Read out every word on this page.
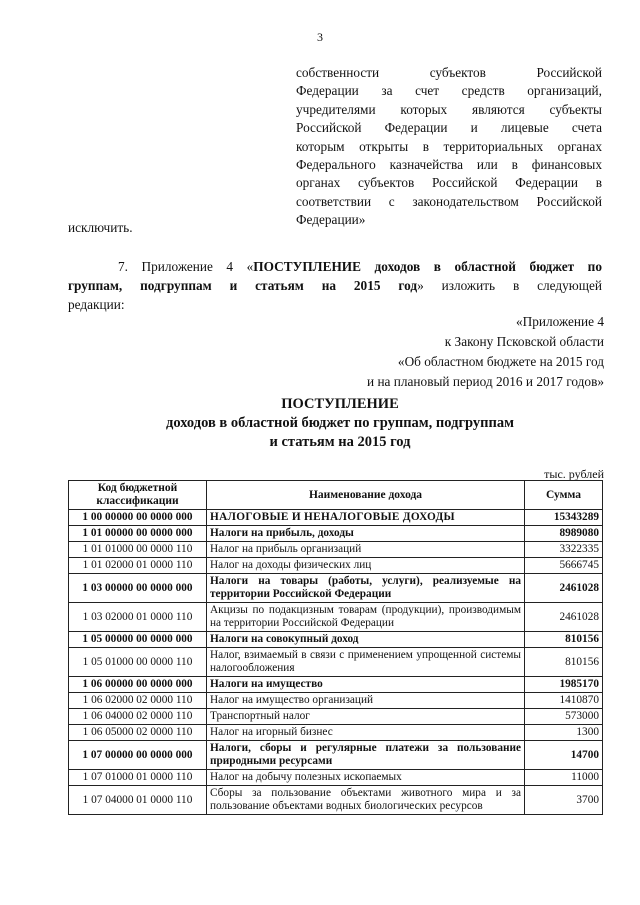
3
собственности субъектов Российской
Федерации за счет средств организаций,
учредителями которых являются субъекты
Российской Федерации и лицевые счета
которым открыты в территориальных органах
Федерального казначейства или в финансовых
органах субъектов Российской Федерации в
соответствии с законодательством Российской
Федерации»
исключить.
7. Приложение 4 «ПОСТУПЛЕНИЕ доходов в областной бюджет по
группам, подгруппам и статьям на 2015 год» изложить в следующей
редакции:
«Приложение 4
к Закону Псковской области
«Об областном бюджете на 2015 год
и на плановый период 2016 и 2017 годов»
ПОСТУПЛЕНИЕ
доходов в областной бюджет по группам, подгруппам
и статьям на 2015 год
тыс. рублей
Код бюджетной классификации	Наименование дохода	Сумма
1 00 00000 00 0000 000	НАЛОГОВЫЕ И НЕНАЛОГОВЫЕ ДОХОДЫ	15343289
1 01 00000 00 0000 000	Налоги на прибыль, доходы	8989080
1 01 01000 00 0000 110	Налог на прибыль организаций	3322335
1 01 02000 01 0000 110	Налог на доходы физических лиц	5666745
1 03 00000 00 0000 000	Налоги на товары (работы, услуги), реализуемые на территории Российской Федерации	2461028
1 03 02000 01 0000 110	Акцизы по подакцизным товарам (продукции), производимым на территории Российской Федерации	2461028
1 05 00000 00 0000 000	Налоги на совокупный доход	810156
1 05 01000 00 0000 110	Налог, взимаемый в связи с применением упрощенной системы налогообложения	810156
1 06 00000 00 0000 000	Налоги на имущество	1985170
1 06 02000 02 0000 110	Налог на имущество организаций	1410870
1 06 04000 02 0000 110	Транспортный налог	573000
1 06 05000 02 0000 110	Налог на игорный бизнес	1300
1 07 00000 00 0000 000	Налоги, сборы и регулярные платежи за пользование природными ресурсами	14700
1 07 01000 01 0000 110	Налог на добычу полезных ископаемых	11000
1 07 04000 01 0000 110	Сборы за пользование объектами животного мира и за пользование объектами водных биологических ресурсов	3700
